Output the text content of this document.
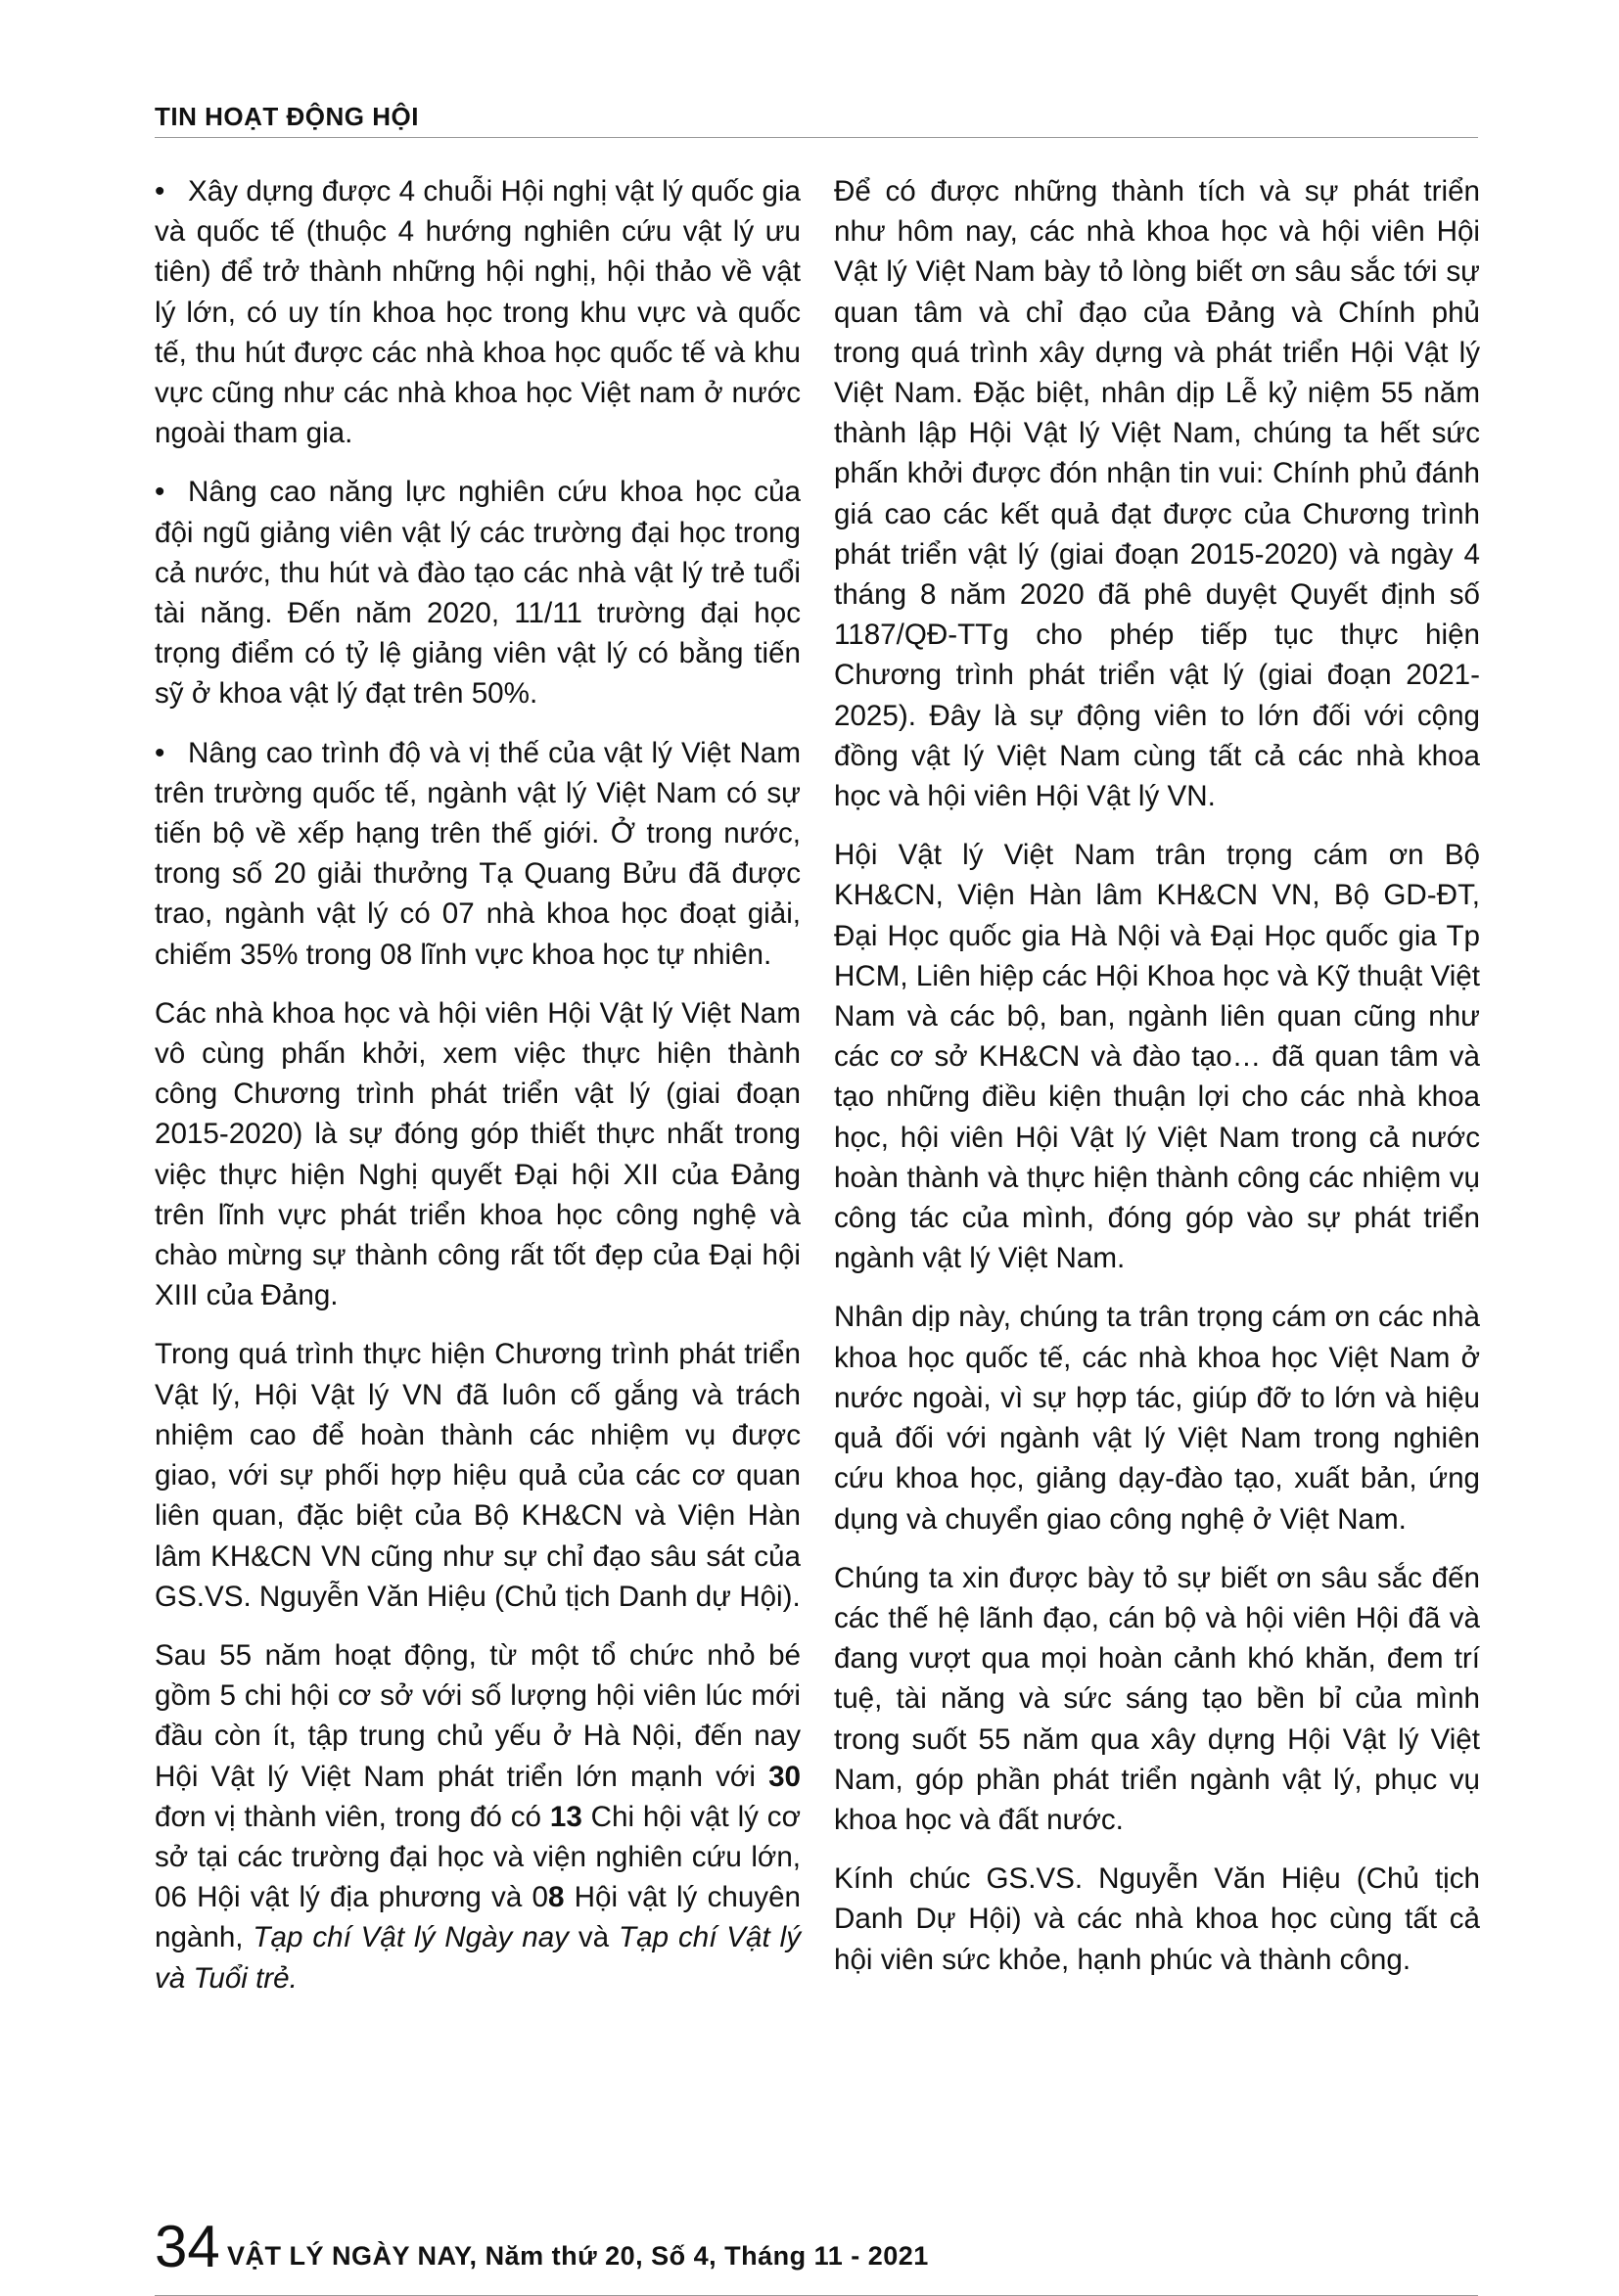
TIN HOẠT ĐỘNG HỘI

• Xây dựng được 4 chuỗi Hội nghị vật lý quốc gia và quốc tế (thuộc 4 hướng nghiên cứu vật lý ưu tiên) để trở thành những hội nghị, hội thảo về vật lý lớn, có uy tín khoa học trong khu vực và quốc tế, thu hút được các nhà khoa học quốc tế và khu vực cũng như các nhà khoa học Việt nam ở nước ngoài tham gia.

• Nâng cao năng lực nghiên cứu khoa học của đội ngũ giảng viên vật lý các trường đại học trong cả nước, thu hút và đào tạo các nhà vật lý trẻ tuổi tài năng. Đến năm 2020, 11/11 trường đại học trọng điểm có tỷ lệ giảng viên vật lý có bằng tiến sỹ ở khoa vật lý đạt trên 50%.

• Nâng cao trình độ và vị thế của vật lý Việt Nam trên trường quốc tế, ngành vật lý Việt Nam có sự tiến bộ về xếp hạng trên thế giới. Ở trong nước, trong số 20 giải thưởng Tạ Quang Bửu đã được trao, ngành vật lý có 07 nhà khoa học đoạt giải, chiếm 35% trong 08 lĩnh vực khoa học tự nhiên.

Các nhà khoa học và hội viên Hội Vật lý Việt Nam vô cùng phấn khởi, xem việc thực hiện thành công Chương trình phát triển vật lý (giai đoạn 2015-2020) là sự đóng góp thiết thực nhất trong việc thực hiện Nghị quyết Đại hội XII của Đảng trên lĩnh vực phát triển khoa học công nghệ và chào mừng sự thành công rất tốt đẹp của Đại hội XIII của Đảng.

Trong quá trình thực hiện Chương trình phát triển Vật lý, Hội Vật lý VN đã luôn cố gắng và trách nhiệm cao để hoàn thành các nhiệm vụ được giao, với sự phối hợp hiệu quả của các cơ quan liên quan, đặc biệt của Bộ KH&CN và Viện Hàn lâm KH&CN VN cũng như sự chỉ đạo sâu sát của GS.VS. Nguyễn Văn Hiệu (Chủ tịch Danh dự Hội).

Sau 55 năm hoạt động, từ một tổ chức nhỏ bé gồm 5 chi hội cơ sở với số lượng hội viên lúc mới đầu còn ít, tập trung chủ yếu ở Hà Nội, đến nay Hội Vật lý Việt Nam phát triển lớn mạnh với 30 đơn vị thành viên, trong đó có 13 Chi hội vật lý cơ sở tại các trường đại học và viện nghiên cứu lớn, 06 Hội vật lý địa phương và 08 Hội vật lý chuyên ngành, Tạp chí Vật lý Ngày nay và Tạp chí Vật lý và Tuổi trẻ.

Để có được những thành tích và sự phát triển như hôm nay, các nhà khoa học và hội viên Hội Vật lý Việt Nam bày tỏ lòng biết ơn sâu sắc tới sự quan tâm và chỉ đạo của Đảng và Chính phủ trong quá trình xây dựng và phát triển Hội Vật lý Việt Nam. Đặc biệt, nhân dịp Lễ kỷ niệm 55 năm thành lập Hội Vật lý Việt Nam, chúng ta hết sức phấn khởi được đón nhận tin vui: Chính phủ đánh giá cao các kết quả đạt được của Chương trình phát triển vật lý (giai đoạn 2015-2020) và ngày 4 tháng 8 năm 2020 đã phê duyệt Quyết định số 1187/QĐ-TTg cho phép tiếp tục thực hiện Chương trình phát triển vật lý (giai đoạn 2021-2025). Đây là sự động viên to lớn đối với cộng đồng vật lý Việt Nam cùng tất cả các nhà khoa học và hội viên Hội Vật lý VN.

Hội Vật lý Việt Nam trân trọng cám ơn Bộ KH&CN, Viện Hàn lâm KH&CN VN, Bộ GD-ĐT, Đại Học quốc gia Hà Nội và Đại Học quốc gia Tp HCM, Liên hiệp các Hội Khoa học và Kỹ thuật Việt Nam và các bộ, ban, ngành liên quan cũng như các cơ sở KH&CN và đào tạo… đã quan tâm và tạo những điều kiện thuận lợi cho các nhà khoa học, hội viên Hội Vật lý Việt Nam trong cả nước hoàn thành và thực hiện thành công các nhiệm vụ công tác của mình, đóng góp vào sự phát triển ngành vật lý Việt Nam.

Nhân dịp này, chúng ta trân trọng cám ơn các nhà khoa học quốc tế, các nhà khoa học Việt Nam ở nước ngoài, vì sự hợp tác, giúp đỡ to lớn và hiệu quả đối với ngành vật lý Việt Nam trong nghiên cứu khoa học, giảng dạy-đào tạo, xuất bản, ứng dụng và chuyển giao công nghệ ở Việt Nam.

Chúng ta xin được bày tỏ sự biết ơn sâu sắc đến các thế hệ lãnh đạo, cán bộ và hội viên Hội đã và đang vượt qua mọi hoàn cảnh khó khăn, đem trí tuệ, tài năng và sức sáng tạo bền bỉ của mình trong suốt 55 năm qua xây dựng Hội Vật lý Việt Nam, góp phần phát triển ngành vật lý, phục vụ khoa học và đất nước.

Kính chúc GS.VS. Nguyễn Văn Hiệu (Chủ tịch Danh Dự Hội) và các nhà khoa học cùng tất cả hội viên sức khỏe, hạnh phúc và thành công.

34 VẬT LÝ NGÀY NAY, Năm thứ 20, Số 4, Tháng 11 - 2021
